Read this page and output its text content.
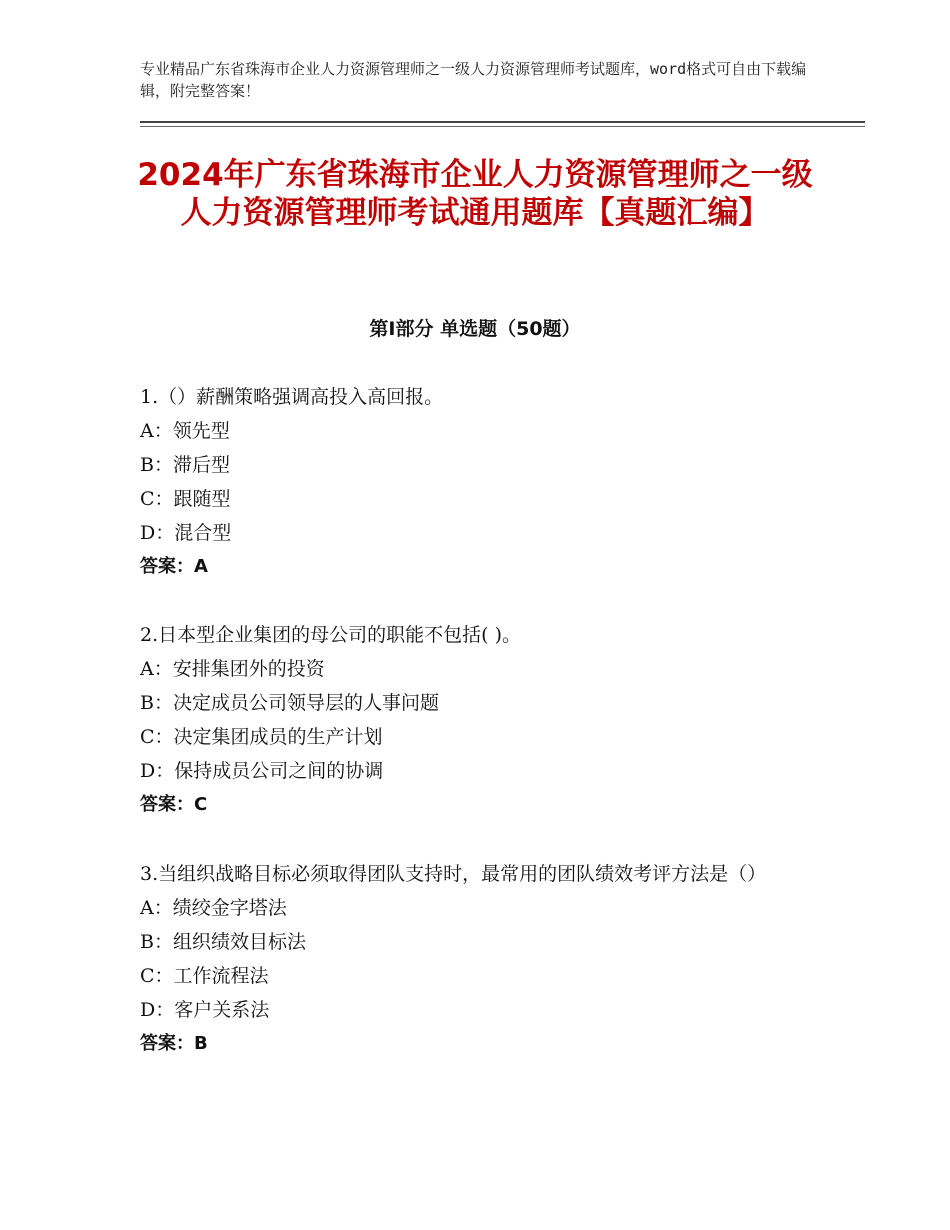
专业精品广东省珠海市企业人力资源管理师之一级人力资源管理师考试题库，word格式可自由下载编辑，附完整答案！
2024年广东省珠海市企业人力资源管理师之一级人力资源管理师考试通用题库【真题汇编】
第Ⅰ部分 单选题（50题）
1.（）薪酬策略强调高投入高回报。
A：领先型
B：滞后型
C：跟随型
D：混合型
答案：A
2.日本型企业集团的母公司的职能不包括( )。
A：安排集团外的投资
B：决定成员公司领导层的人事问题
C：决定集团成员的生产计划
D：保持成员公司之间的协调
答案：C
3.当组织战略目标必须取得团队支持时，最常用的团队绩效考评方法是（）
A：绩绞金字塔法
B：组织绩效目标法
C：工作流程法
D：客户关系法
答案：B
